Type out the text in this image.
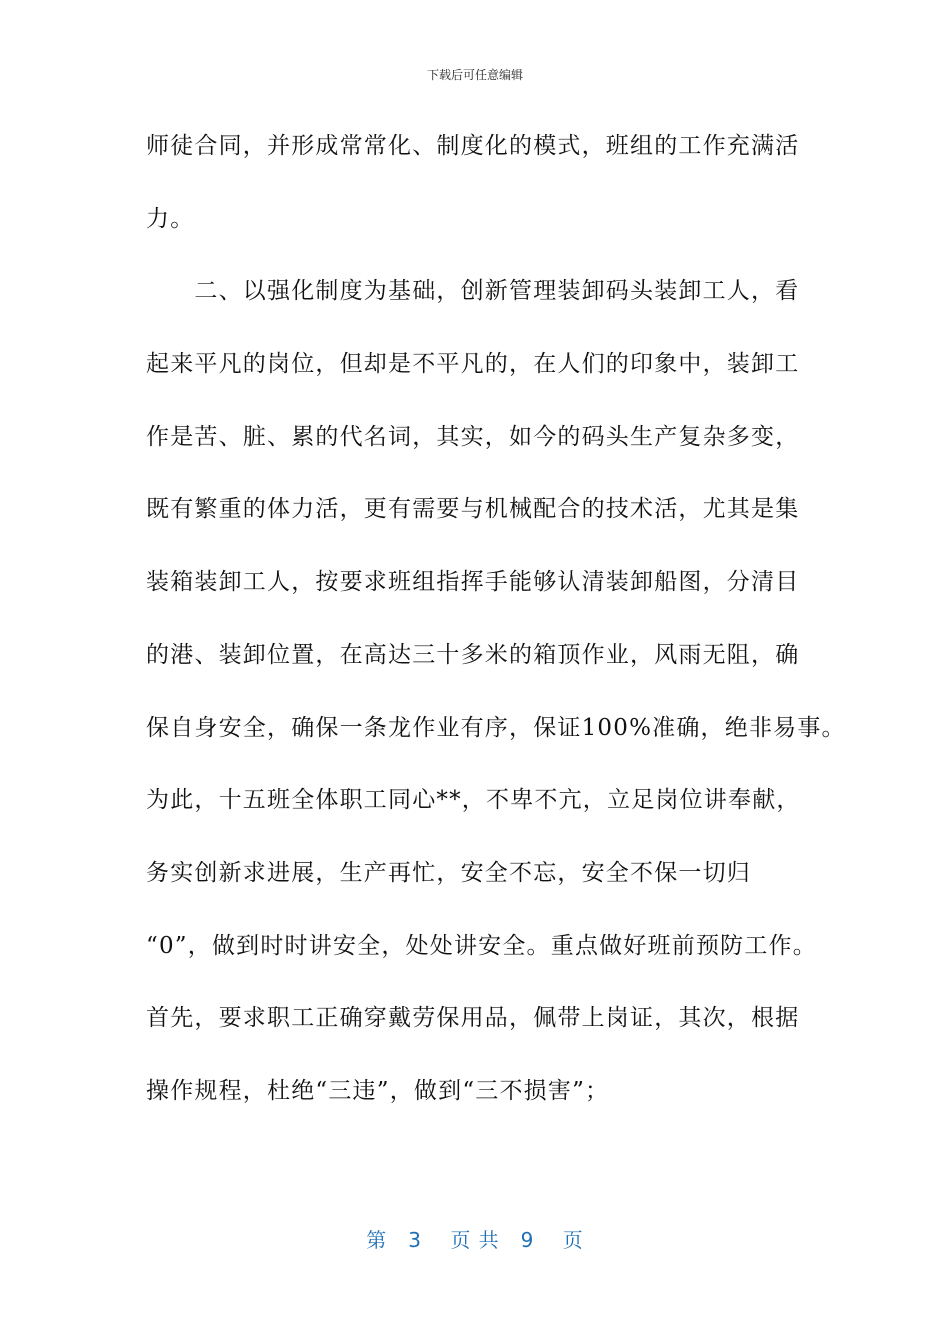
下载后可任意编辑
师徒合同，并形成常常化、制度化的模式，班组的工作充满活
力。
　　二、以强化制度为基础，创新管理装卸码头装卸工人，看
起来平凡的岗位，但却是不平凡的，在人们的印象中，装卸工
作是苦、脏、累的代名词，其实，如今的码头生产复杂多变，
既有繁重的体力活，更有需要与机械配合的技术活，尤其是集
装箱装卸工人，按要求班组指挥手能够认清装卸船图，分清目
的港、装卸位置，在高达三十多米的箱顶作业，风雨无阻，确
保自身安全，确保一条龙作业有序，保证100%准确，绝非易事。
为此，十五班全体职工同心**，不卑不亢，立足岗位讲奉献，
务实创新求进展，生产再忙，安全不忘，安全不保一切归
“0”，做到时时讲安全，处处讲安全。重点做好班前预防工作。
首先，要求职工正确穿戴劳保用品，佩带上岗证，其次，根据
操作规程，杜绝“三违”，做到“三不损害”；
第　3　 页 共　9　 页
